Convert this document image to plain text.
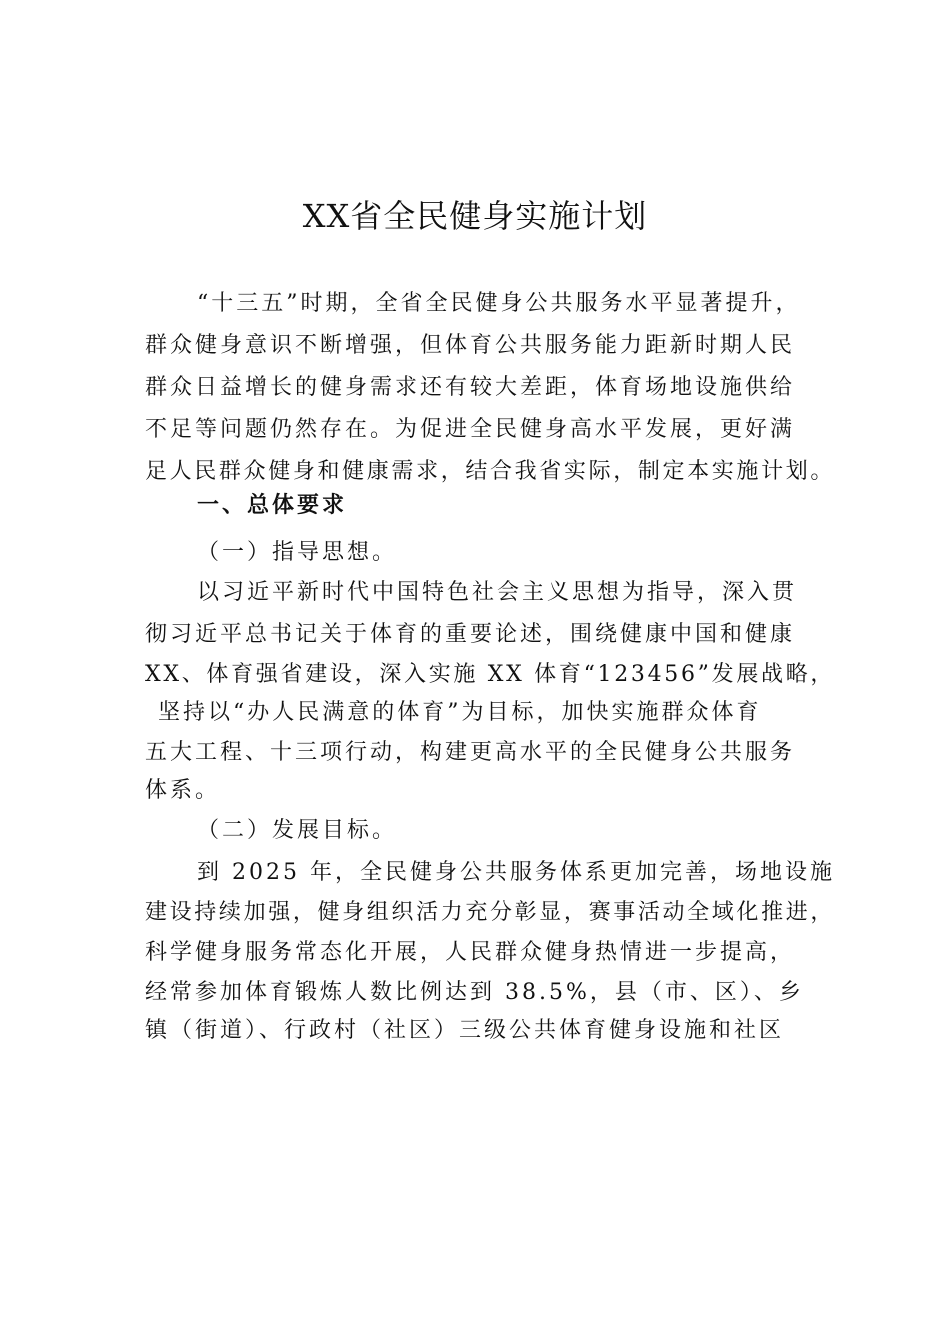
XX省全民健身实施计划

“十三五”时期，全省全民健身公共服务水平显著提升，

群众健身意识不断增强，但体育公共服务能力距新时期人民

群众日益增长的健身需求还有较大差距，体育场地设施供给

不足等问题仍然存在。为促进全民健身高水平发展，更好满

足人民群众健身和健康需求，结合我省实际，制定本实施计划。

一、总体要求

（一）指导思想。

以习近平新时代中国特色社会主义思想为指导，深入贯

彻习近平总书记关于体育的重要论述，围绕健康中国和健康

XX、体育强省建设，深入实施 XX 体育“123456”发展战略，

坚持以“办人民满意的体育”为目标，加快实施群众体育

五大工程、十三项行动，构建更高水平的全民健身公共服务

体系。

（二）发展目标。

到 2025 年，全民健身公共服务体系更加完善，场地设施

建设持续加强，健身组织活力充分彰显，赛事活动全域化推进，

科学健身服务常态化开展，人民群众健身热情进一步提高，

经常参加体育锻炼人数比例达到 38.5%，县（市、区）、乡

镇（街道）、行政村（社区）三级公共体育健身设施和社区
